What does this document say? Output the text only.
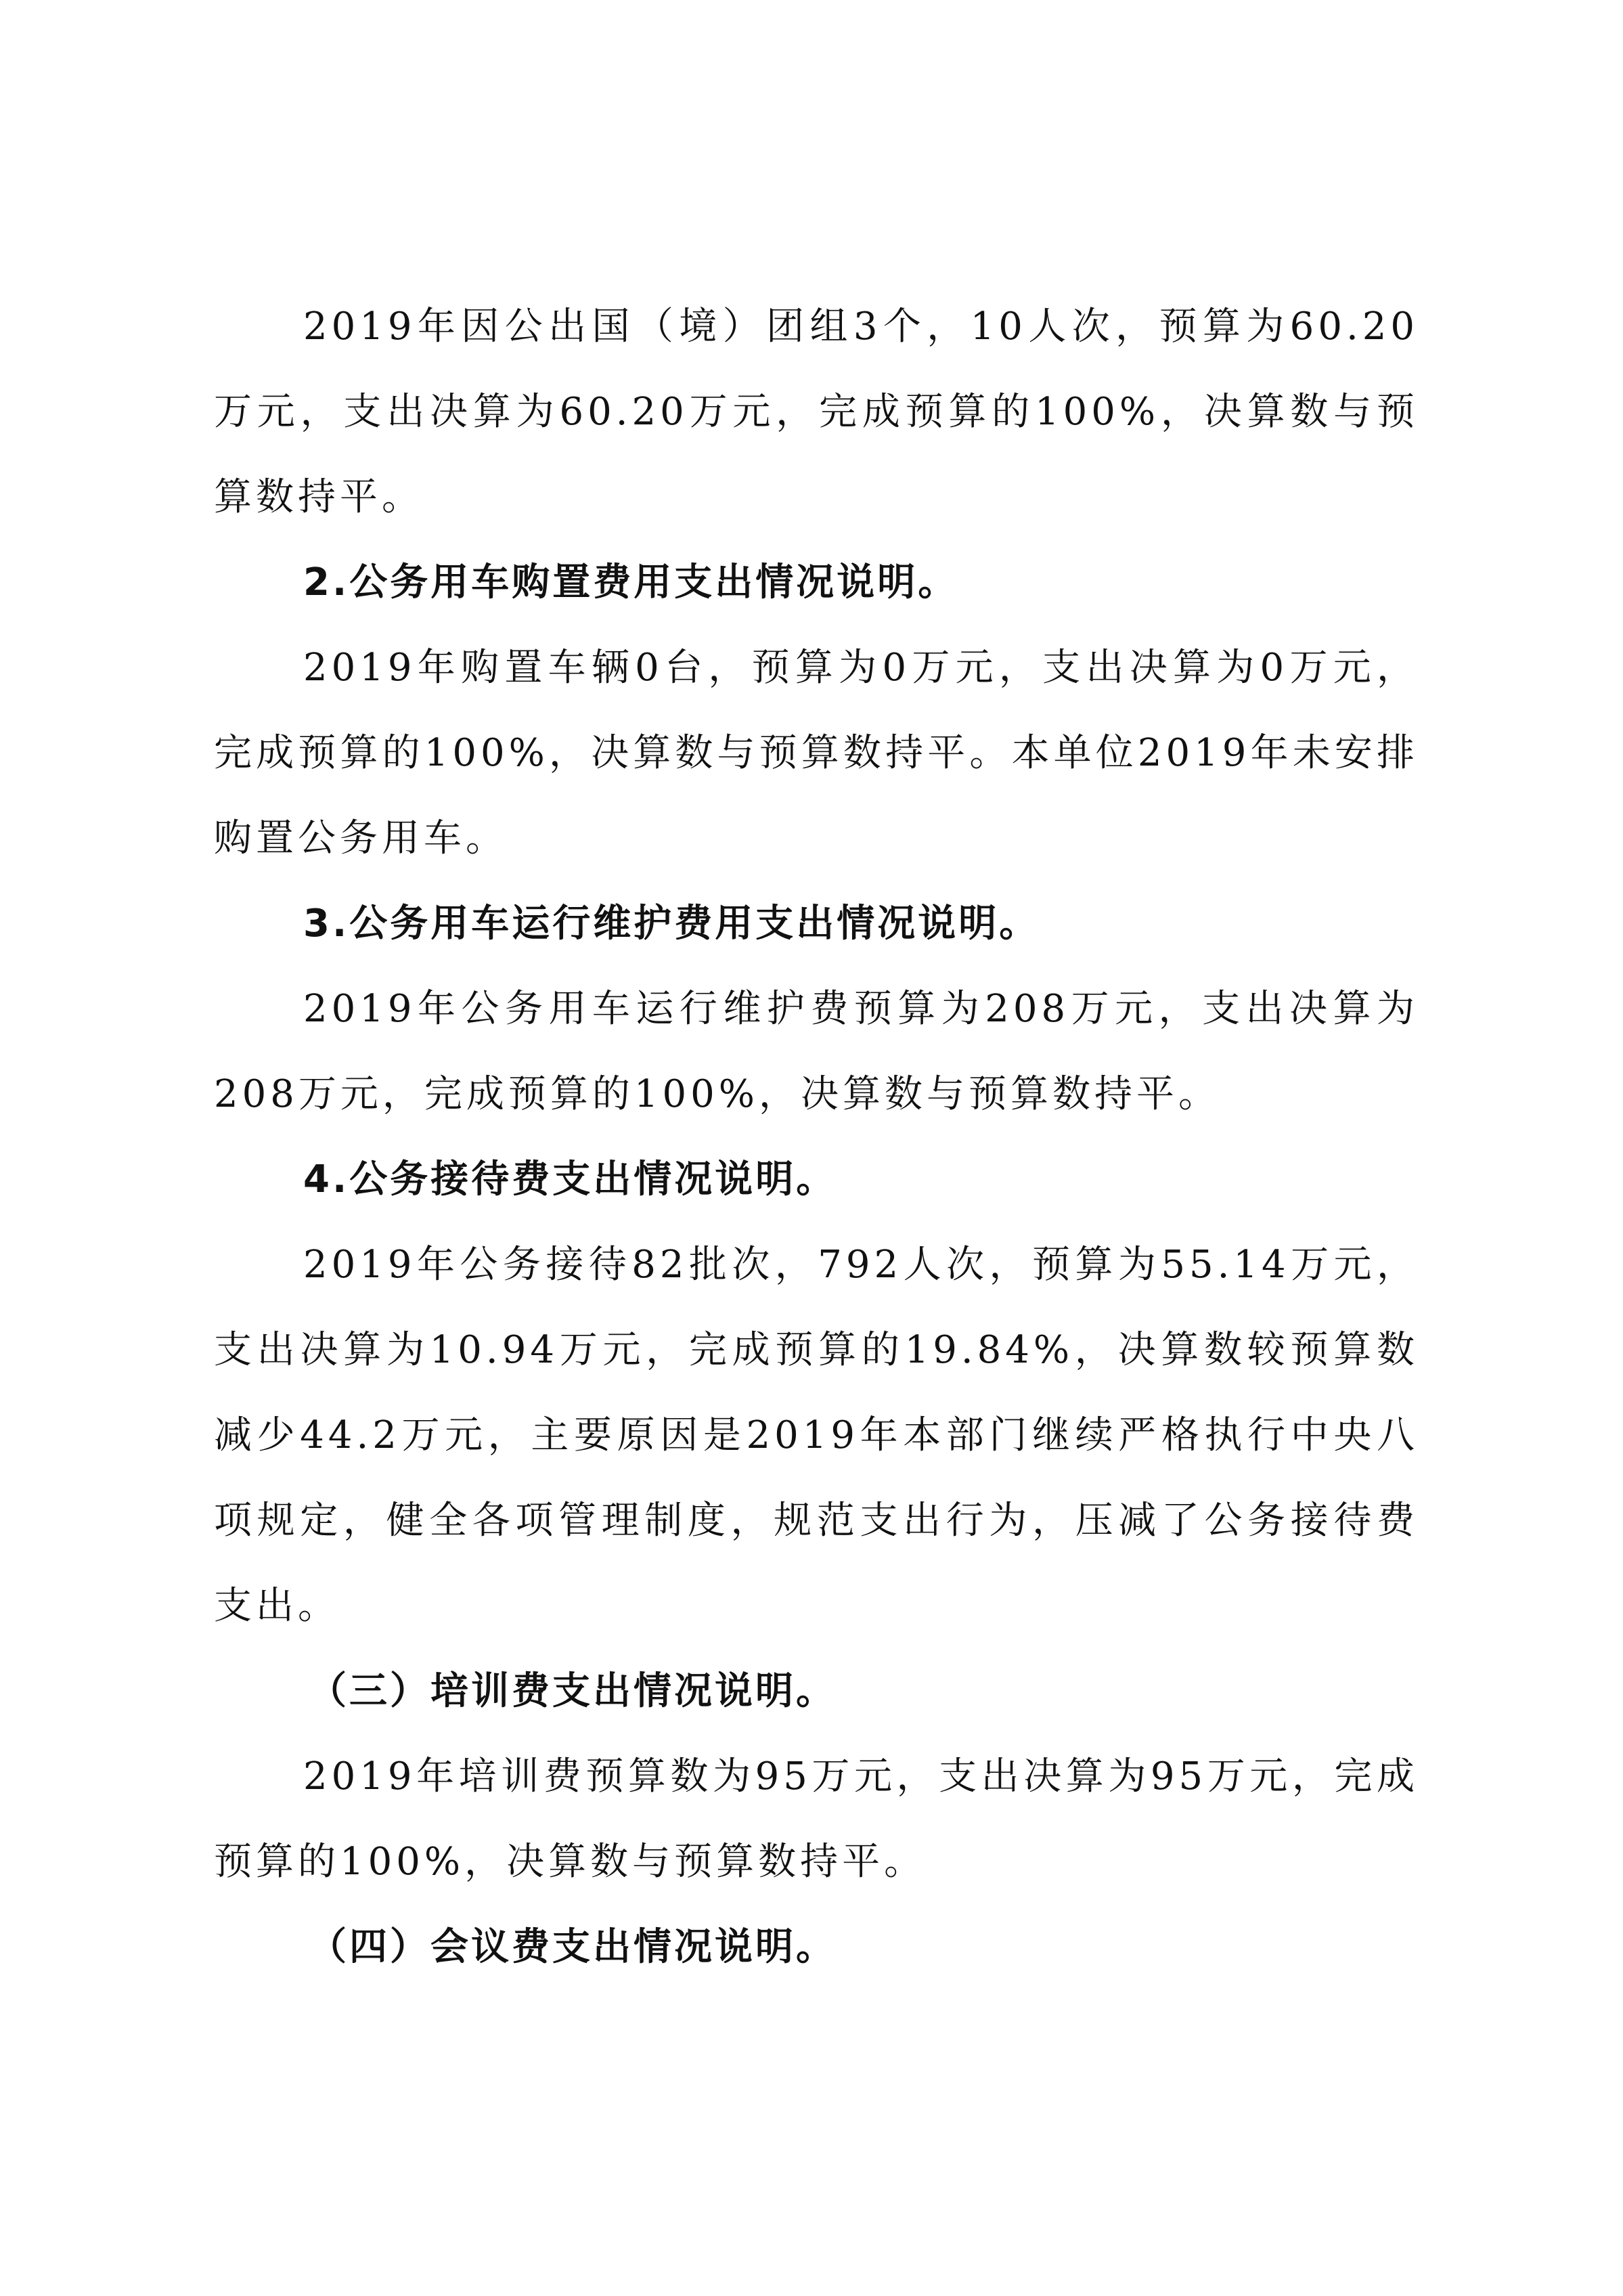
2019年因公出国（境）团组3个，10人次，预算为60.20万元，支出决算为60.20万元，完成预算的100%，决算数与预算数持平。

2.公务用车购置费用支出情况说明。

2019年购置车辆0台，预算为0万元，支出决算为0万元，完成预算的100%，决算数与预算数持平。本单位2019年未安排购置公务用车。

3.公务用车运行维护费用支出情况说明。

2019年公务用车运行维护费预算为208万元，支出决算为208万元，完成预算的100%，决算数与预算数持平。

4.公务接待费支出情况说明。

2019年公务接待82批次，792人次，预算为55.14万元，支出决算为10.94万元，完成预算的19.84%，决算数较预算数减少44.2万元，主要原因是2019年本部门继续严格执行中央八项规定，健全各项管理制度，规范支出行为，压减了公务接待费支出。

（三）培训费支出情况说明。

2019年培训费预算数为95万元，支出决算为95万元，完成预算的100%，决算数与预算数持平。

（四）会议费支出情况说明。
